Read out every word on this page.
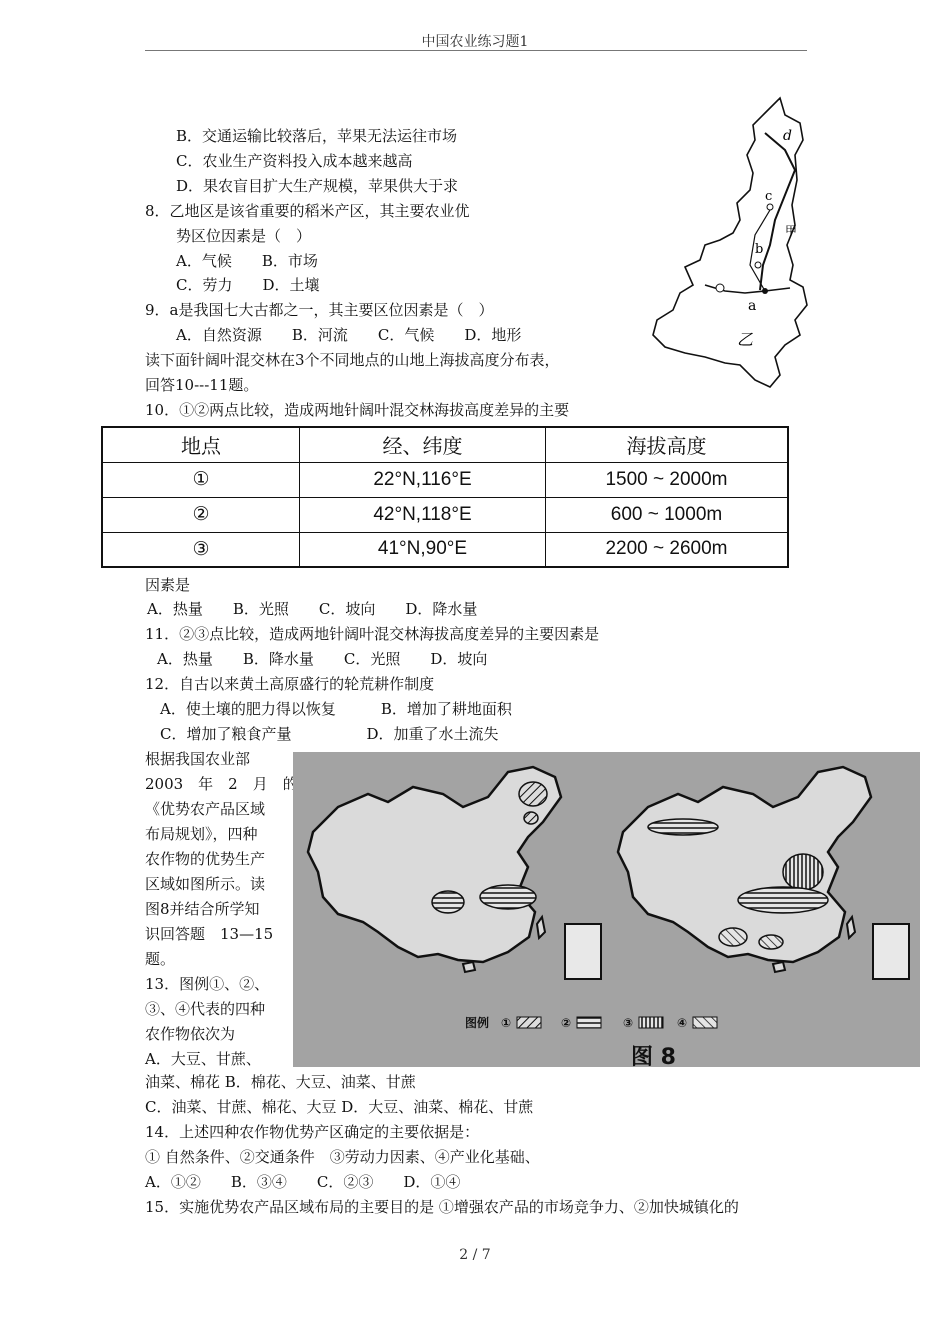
中国农业练习题1
B．交通运输比较落后，苹果无法运往市场
C．农业生产资料投入成本越来越高
D．果农盲目扩大生产规模，苹果供大于求
8．乙地区是该省重要的稻米产区，其主要农业优
势区位因素是（　）
A．气候　　B．市场
C．劳力　　D．土壤
9．a是我国七大古都之一，其主要区位因素是（　）
A．自然资源　　B．河流　　C．气候　　D．地形
读下面针阔叶混交林在3个不同地点的山地上海拔高度分布表，
回答10---11题。
10．①②两点比较，造成两地针阔叶混交林海拔高度差异的主要
d
c
甲
b
a
乙
地点	经、纬度	海拔高度
①	22°N,116°E	1500 ~ 2000m
②	42°N,118°E	600 ~ 1000m
③	41°N,90°E	2200 ~ 2600m
因素是
A．热量　　B．光照　　C．坡向　　D．降水量
11．②③点比较，造成两地针阔叶混交林海拔高度差异的主要因素是
A．热量　　B．降水量　　C．光照　　D．坡向
12．自古以来黄土高原盛行的轮荒耕作制度
A．使土壤的肥力得以恢复　　　B．增加了耕地面积
C．增加了粮食产量　　　　　D．加重了水土流失
根据我国农业部
2003　年　2　月　的
《优势农产品区域
布局规划》，四种
农作物的优势生产
区域如图所示。读
图8并结合所学知
识回答题　13—15
题。
13．图例①、②、
③、④代表的四种
农作物依次为
A．大豆、甘蔗、
油菜、棉花 B．棉花、大豆、油菜、甘蔗
C．油菜、甘蔗、棉花、大豆 D．大豆、油菜、棉花、甘蔗
14．上述四种农作物优势产区确定的主要依据是：
① 自然条件、②交通条件　③劳动力因素、④产业化基础、
A．①②　　B．③④　　C．②③　　D．①④
15．实施优势农产品区域布局的主要目的是 ①增强农产品的市场竞争力、②加快城镇化的
图例 ①	②	③	④
图 8
2 / 7
